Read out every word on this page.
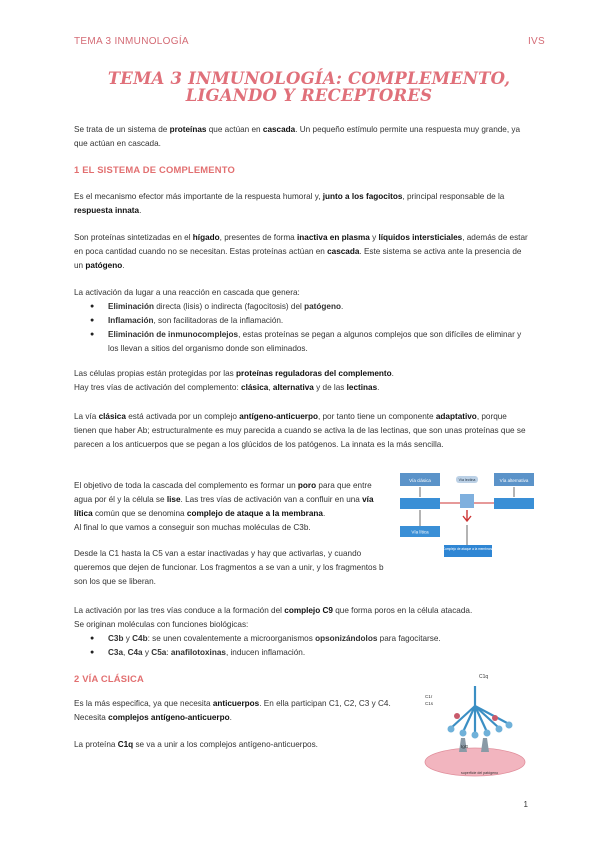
TEMA 3 INMUNOLOGÍA	IVS
TEMA 3 INMUNOLOGÍA: COMPLEMENTO, LIGANDO Y RECEPTORES
Se trata de un sistema de proteínas que actúan en cascada. Un pequeño estímulo permite una respuesta muy grande, ya que actúan en cascada.
1 EL SISTEMA DE COMPLEMENTO
Es el mecanismo efector más importante de la respuesta humoral y, junto a los fagocitos, principal responsable de la respuesta innata.
Son proteínas sintetizadas en el hígado, presentes de forma inactiva en plasma y líquidos intersticiales, además de estar en poca cantidad cuando no se necesitan. Estas proteínas actúan en cascada. Este sistema se activa ante la presencia de un patógeno.
La activación da lugar a una reacción en cascada que genera:
● Eliminación directa (lisis) o indirecta (fagocitosis) del patógeno.
● Inflamación, son facilitadoras de la inflamación.
● Eliminación de inmunocomplejos, estas proteínas se pegan a algunos complejos que son difíciles de eliminar y los llevan a sitios del organismo donde son eliminados.
Las células propias están protegidas por las proteínas reguladoras del complemento.
Hay tres vías de activación del complemento: clásica, alternativa y de las lectinas.
La vía clásica está activada por un complejo antígeno-anticuerpo, por tanto tiene un componente adaptativo, porque tienen que haber Ab; estructuralmente es muy parecida a cuando se activa la de las lectinas, que son unas proteínas que se parecen a los anticuerpos que se pegan a los glúcidos de los patógenos. La innata es la más sencilla.
El objetivo de toda la cascada del complemento es formar un poro para que entre agua por él y la célula se lise. Las tres vías de activación van a confluir en una vía lítica común que se denomina complejo de ataque a la membrana.
Al final lo que vamos a conseguir son muchas moléculas de C3b.
Desde la C1 hasta la C5 van a estar inactivadas y hay que activarlas, y cuando queremos que dejen de funcionar. Los fragmentos a se van a unir, y los fragmentos b son los que se liberan.
Vía clásica	Vía lectina	Vía alternativa
Vía lítica
Complejo de ataque a la membrana
La activación por las tres vías conduce a la formación del complejo C9 que forma poros en la célula atacada.
Se originan moléculas con funciones biológicas:
● C3b y C4b: se unen covalentemente a microorganismos opsonizándolos para fagocitarse.
● C3a, C4a y C5a: anafilotoxinas, inducen inflamación.
2 VÍA CLÁSICA
Es la más especifica, ya que necesita anticuerpos. En ella participan C1, C2, C3 y C4.
Necesita complejos antígeno-anticuerpo.
La proteína C1q se va a unir a los complejos antígeno-anticuerpos.
C1q
C1r
C1s
IgG
superficie del patógeno
1
